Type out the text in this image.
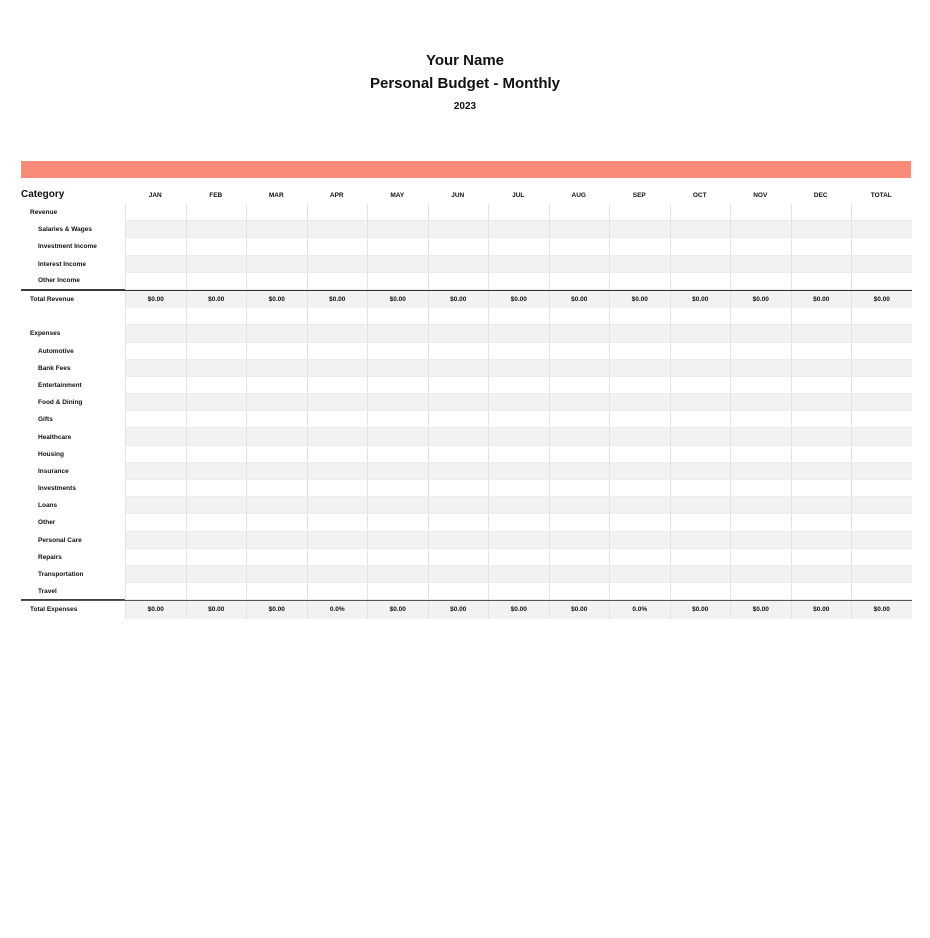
Your Name
Personal Budget - Monthly
2023
Category	JAN	FEB	MAR	APR	MAY	JUN	JUL	AUG	SEP	OCT	NOV	DEC	TOTAL
Revenue
Salaries & Wages
Investment Income
Interest Income
Other Income
Total Revenue	$0.00	$0.00	$0.00	$0.00	$0.00	$0.00	$0.00	$0.00	$0.00	$0.00	$0.00	$0.00	$0.00
Expenses
Automotive
Bank Fees
Entertainment
Food & Dining
Gifts
Healthcare
Housing
Insurance
Investments
Loans
Other
Personal Care
Repairs
Transportation
Travel
Total Expenses	$0.00	$0.00	$0.00	0.0%	$0.00	$0.00	$0.00	$0.00	0.0%	$0.00	$0.00	$0.00	$0.00
